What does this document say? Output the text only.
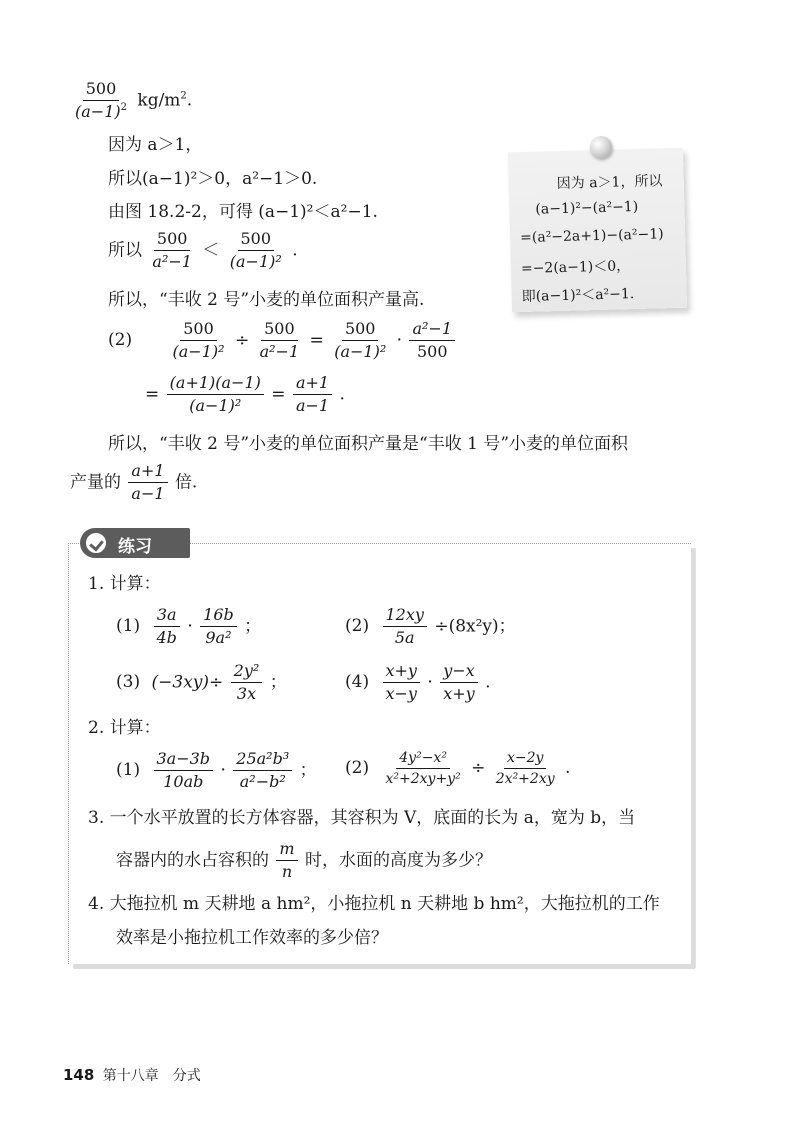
$\frac{500}{(a-1)^2} kg/m^2$.
因为 a＞1，
所以(a−1)²＞0，a²−1＞0.
由图 18.2-2，可得 (a−1)²＜a²−1.
所以 $\frac{500}{\text{a²−1}} < \frac{500}{\text{(a−1)²}}$ .
所以，“丰收 2 号”小麦的单位面积产量高.
$(2) \frac{500}{\text{(a−1)²}} \div \frac{500}{\text{a²−1}} = \frac{500}{\text{(a−1)²}} \cdot \frac{\text{a²−1}}{500}$
= $\frac{(a+1)(a-1)}{\text{(a−1)²}} = \frac{a+1}{a-1}$ .
所以，“丰收 2 号”小麦的单位面积产量是“丰收 1 号”小麦的单位面积
产量的 $\frac{a+1}{a-1}$ 倍.
因为 a＞1，所以
(a−1)²−(a²−1)
=(a²−2a+1)−(a²−1)
=−2(a−1)＜0，
即(a−1)²＜a²−1.
练习
1. 计算：
$(1) \frac{3a}{4b} \cdot \frac{16b}{\text{9a²}}$ ；	$(2) \frac{12xy}{5a} \div(8x^2y)$；
(3) $(-3xy)\div \frac{\text{2y²}}{3x}$ ；	$(4) \frac{x+y}{x-y} \cdot \frac{y-x}{x+y}$ .
2. 计算：
$(1) \frac{3a-3b}{10ab} \cdot \frac{\text{25a²b³}}{\text{a²−b²}}$ ； $(2) \frac{\text{4y²−x²}}{\text{x²+2xy+y²}} \div \frac{x-2y}{\text{2x²+2xy}}$ .
3. 一个水平放置的长方体容器，其容积为 V，底面的长为 a，宽为 b，当
容器内的水占容积的 $\frac{m}{n}$ 时，水面的高度为多少？
4. 大拖拉机 m 天耕地 a hm²，小拖拉机 n 天耕地 b hm²，大拖拉机的工作
效率是小拖拉机工作效率的多少倍？
148 第十八章　分式
